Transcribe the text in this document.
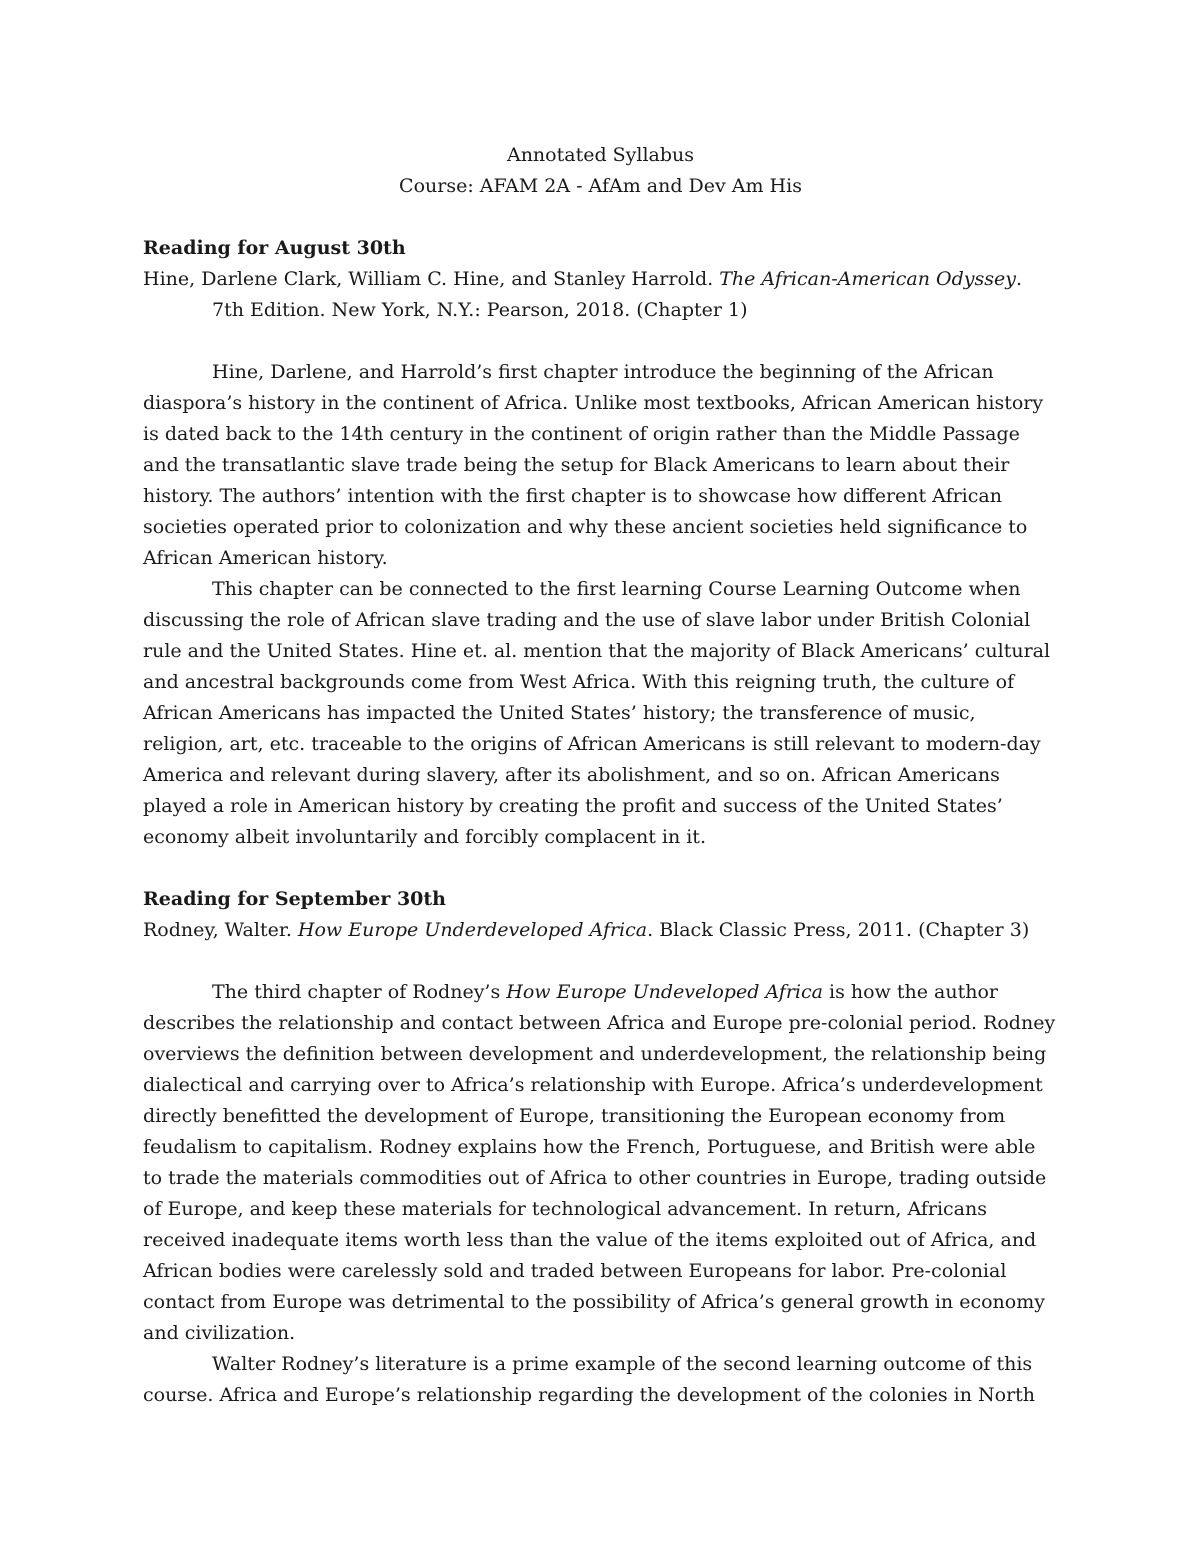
Annotated Syllabus
Course: AFAM 2A - AfAm and Dev Am His
Reading for August 30th
Hine, Darlene Clark, William C. Hine, and Stanley Harrold. The African-American Odyssey. 7th Edition. New York, N.Y.: Pearson, 2018. (Chapter 1)

Hine, Darlene, and Harrold’s first chapter introduce the beginning of the African diaspora’s history in the continent of Africa. Unlike most textbooks, African American history is dated back to the 14th century in the continent of origin rather than the Middle Passage and the transatlantic slave trade being the setup for Black Americans to learn about their history. The authors’ intention with the first chapter is to showcase how different African societies operated prior to colonization and why these ancient societies held significance to African American history.

This chapter can be connected to the first learning Course Learning Outcome when discussing the role of African slave trading and the use of slave labor under British Colonial rule and the United States. Hine et. al. mention that the majority of Black Americans’ cultural and ancestral backgrounds come from West Africa. With this reigning truth, the culture of African Americans has impacted the United States’ history; the transference of music, religion, art, etc. traceable to the origins of African Americans is still relevant to modern-day America and relevant during slavery, after its abolishment, and so on. African Americans played a role in American history by creating the profit and success of the United States’ economy albeit involuntarily and forcibly complacent in it.

Reading for September 30th
Rodney, Walter. How Europe Underdeveloped Africa. Black Classic Press, 2011. (Chapter 3)

The third chapter of Rodney’s How Europe Undeveloped Africa is how the author describes the relationship and contact between Africa and Europe pre-colonial period. Rodney overviews the definition between development and underdevelopment, the relationship being dialectical and carrying over to Africa’s relationship with Europe. Africa’s underdevelopment directly benefitted the development of Europe, transitioning the European economy from feudalism to capitalism. Rodney explains how the French, Portuguese, and British were able to trade the materials commodities out of Africa to other countries in Europe, trading outside of Europe, and keep these materials for technological advancement. In return, Africans received inadequate items worth less than the value of the items exploited out of Africa, and African bodies were carelessly sold and traded between Europeans for labor. Pre-colonial contact from Europe was detrimental to the possibility of Africa’s general growth in economy and civilization.

Walter Rodney’s literature is a prime example of the second learning outcome of this course. Africa and Europe’s relationship regarding the development of the colonies in North
